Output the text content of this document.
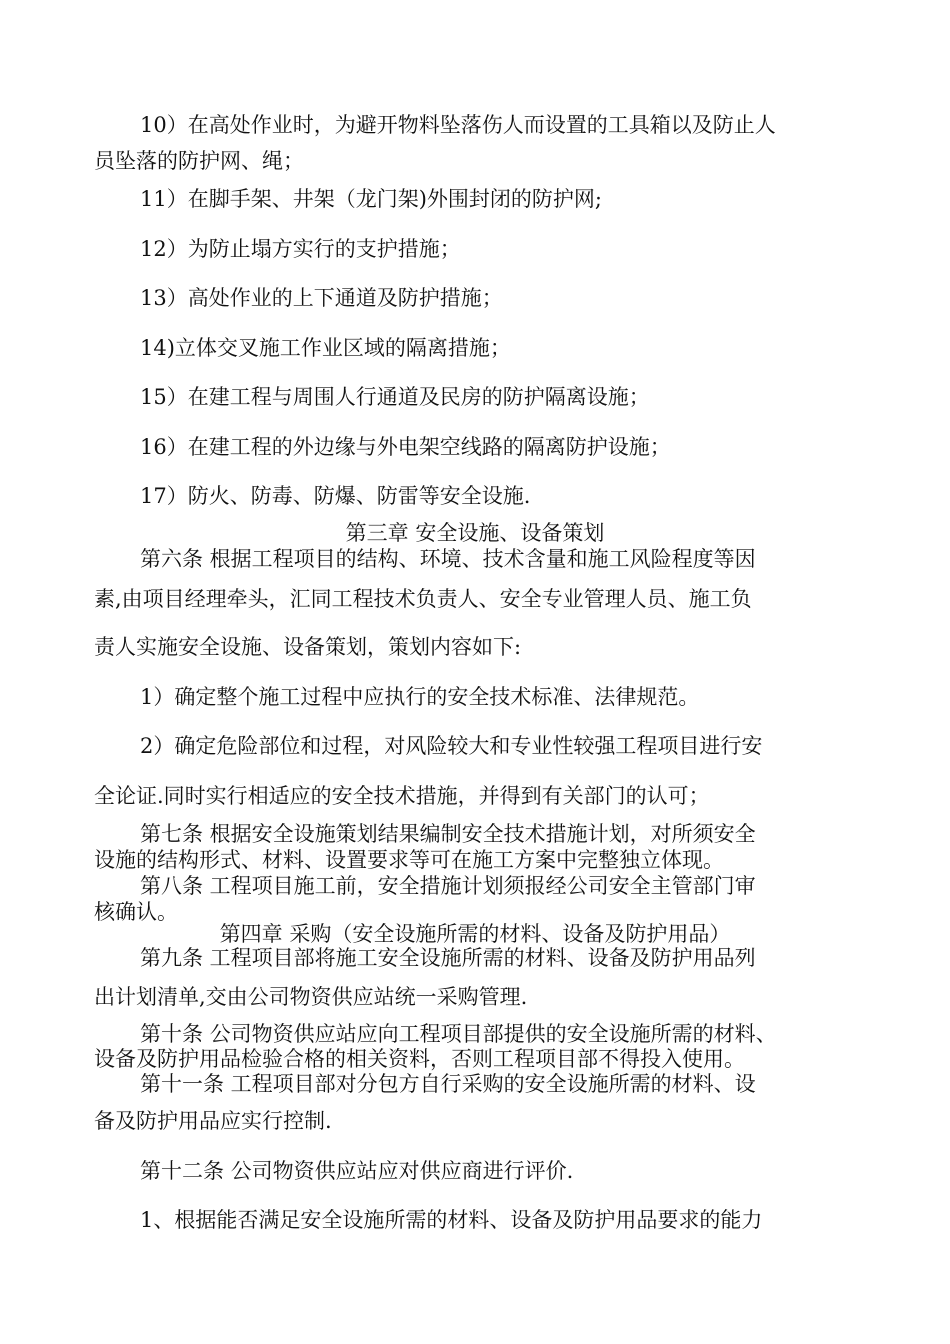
10）在高处作业时，为避开物料坠落伤人而设置的工具箱以及防止人
员坠落的防护网、绳；
11）在脚手架、井架（龙门架)外围封闭的防护网;
12）为防止塌方实行的支护措施；
13）高处作业的上下通道及防护措施；
14)立体交叉施工作业区域的隔离措施；
15）在建工程与周围人行通道及民房的防护隔离设施；
16）在建工程的外边缘与外电架空线路的隔离防护设施；
17）防火、防毒、防爆、防雷等安全设施.
第三章 安全设施、设备策划
第六条 根据工程项目的结构、环境、技术含量和施工风险程度等因
素,由项目经理牵头，汇同工程技术负责人、安全专业管理人员、施工负
责人实施安全设施、设备策划，策划内容如下:
1）确定整个施工过程中应执行的安全技术标准、法律规范。
2）确定危险部位和过程，对风险较大和专业性较强工程项目进行安
全论证.同时实行相适应的安全技术措施，并得到有关部门的认可；
第七条 根据安全设施策划结果编制安全技术措施计划，对所须安全
设施的结构形式、材料、设置要求等可在施工方案中完整独立体现。
第八条 工程项目施工前，安全措施计划须报经公司安全主管部门审
核确认。
第四章 采购（安全设施所需的材料、设备及防护用品）
第九条 工程项目部将施工安全设施所需的材料、设备及防护用品列
出计划清单,交由公司物资供应站统一采购管理.
第十条 公司物资供应站应向工程项目部提供的安全设施所需的材料、
设备及防护用品检验合格的相关资料，否则工程项目部不得投入使用。
第十一条 工程项目部对分包方自行采购的安全设施所需的材料、设
备及防护用品应实行控制.
第十二条 公司物资供应站应对供应商进行评价.
1、根据能否满足安全设施所需的材料、设备及防护用品要求的能力
